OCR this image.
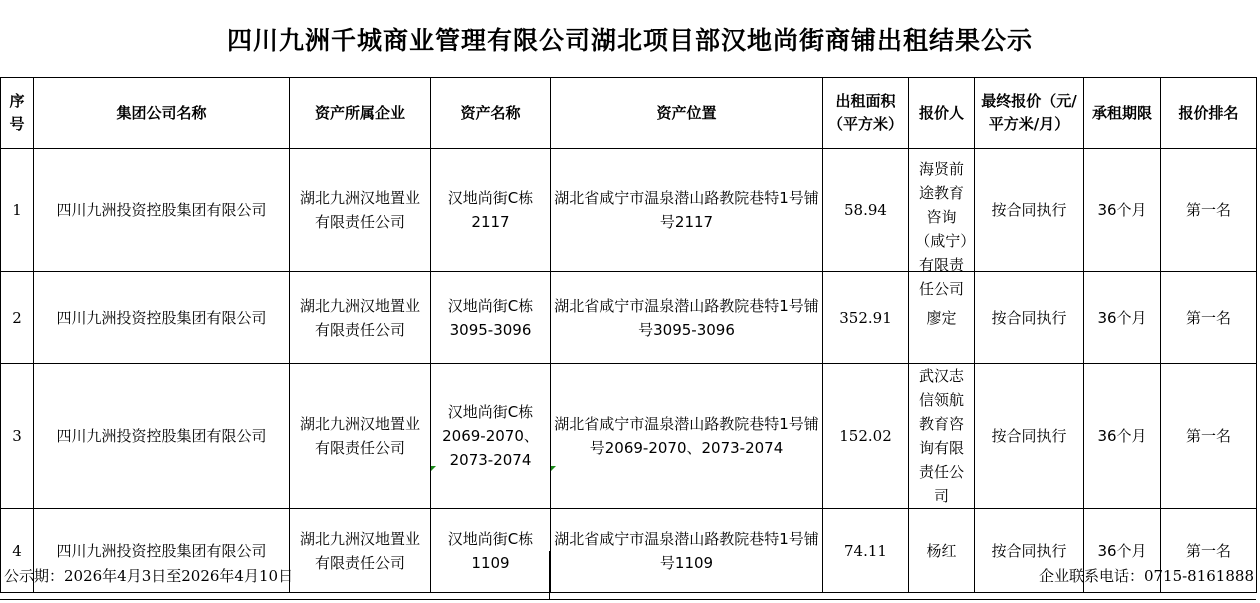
四川九洲千城商业管理有限公司湖北项目部汉地尚街商铺出租结果公示
序号	集团公司名称	资产所属企业	资产名称	资产位置	出租面积（平方米）	报价人	最终报价（元/平方米/月）	承租期限	报价排名
1	四川九洲投资控股集团有限公司	湖北九洲汉地置业有限责任公司	汉地尚街C栋2117	湖北省咸宁市温泉潜山路教院巷特1号铺号2117	58.94	海贤前途教育咨询（咸宁）有限责任公司	按合同执行	36个月	第一名
2	四川九洲投资控股集团有限公司	湖北九洲汉地置业有限责任公司	汉地尚街C栋3095-3096	湖北省咸宁市温泉潜山路教院巷特1号铺号3095-3096	352.91	廖定	按合同执行	36个月	第一名
3	四川九洲投资控股集团有限公司	湖北九洲汉地置业有限责任公司	汉地尚街C栋2069-2070、2073-2074	湖北省咸宁市温泉潜山路教院巷特1号铺号2069-2070、2073-2074	152.02	武汉志信领航教育咨询有限责任公司	按合同执行	36个月	第一名
4	四川九洲投资控股集团有限公司	湖北九洲汉地置业有限责任公司	汉地尚街C栋1109	湖北省咸宁市温泉潜山路教院巷特1号铺号1109	74.11	杨红	按合同执行	36个月	第一名
公示期：2026年4月3日至2026年4月10日	企业联系电话：0715-8161888
